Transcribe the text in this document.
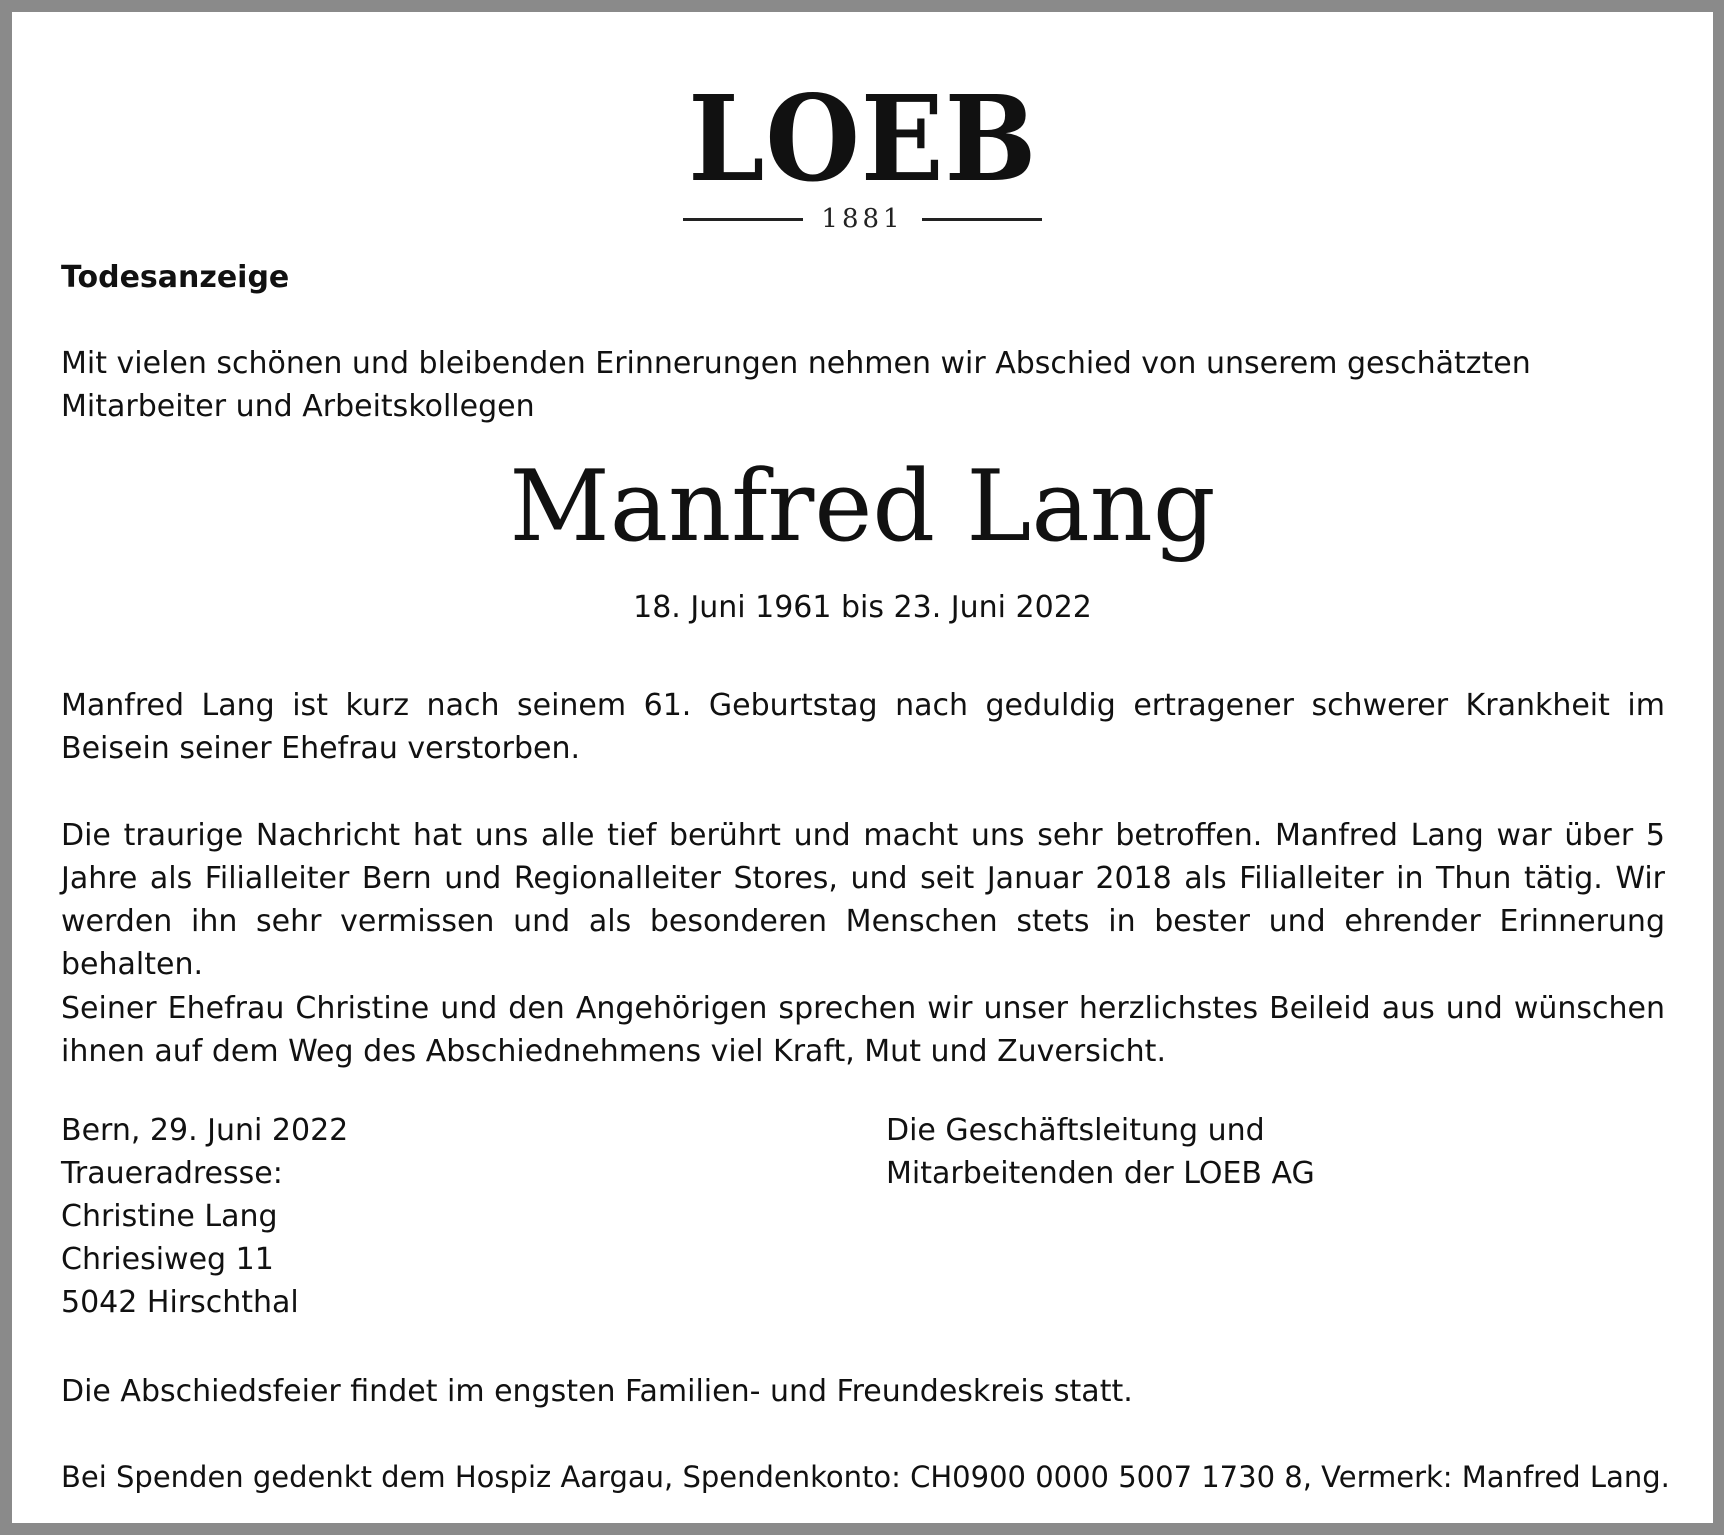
LOEB
1881
Todesanzeige
Mit vielen schönen und bleibenden Erinnerungen nehmen wir Abschied von unserem geschätzten Mitarbeiter und Arbeitskollegen
Manfred Lang
18. Juni 1961 bis 23. Juni 2022
Manfred Lang ist kurz nach seinem 61. Geburtstag nach geduldig ertragener schwerer Krankheit im Beisein seiner Ehefrau verstorben.
Die traurige Nachricht hat uns alle tief berührt und macht uns sehr betroffen. Manfred Lang war über 5 Jahre als Filialleiter Bern und Regionalleiter Stores, und seit Januar 2018 als Filialleiter in Thun tätig. Wir werden ihn sehr vermissen und als besonderen Menschen stets in bester und ehrender Erinnerung behalten.
Seiner Ehefrau Christine und den Angehörigen sprechen wir unser herzlichstes Beileid aus und wünschen ihnen auf dem Weg des Abschiednehmens viel Kraft, Mut und Zuversicht.
Bern, 29. Juni 2022
Traueradresse:
Christine Lang
Chriesiweg 11
5042 Hirschthal
Die Geschäftsleitung und
Mitarbeitenden der LOEB AG
Die Abschiedsfeier findet im engsten Familien- und Freundeskreis statt.
Bei Spenden gedenkt dem Hospiz Aargau, Spendenkonto: CH0900 0000 5007 1730 8, Vermerk: Manfred Lang.
